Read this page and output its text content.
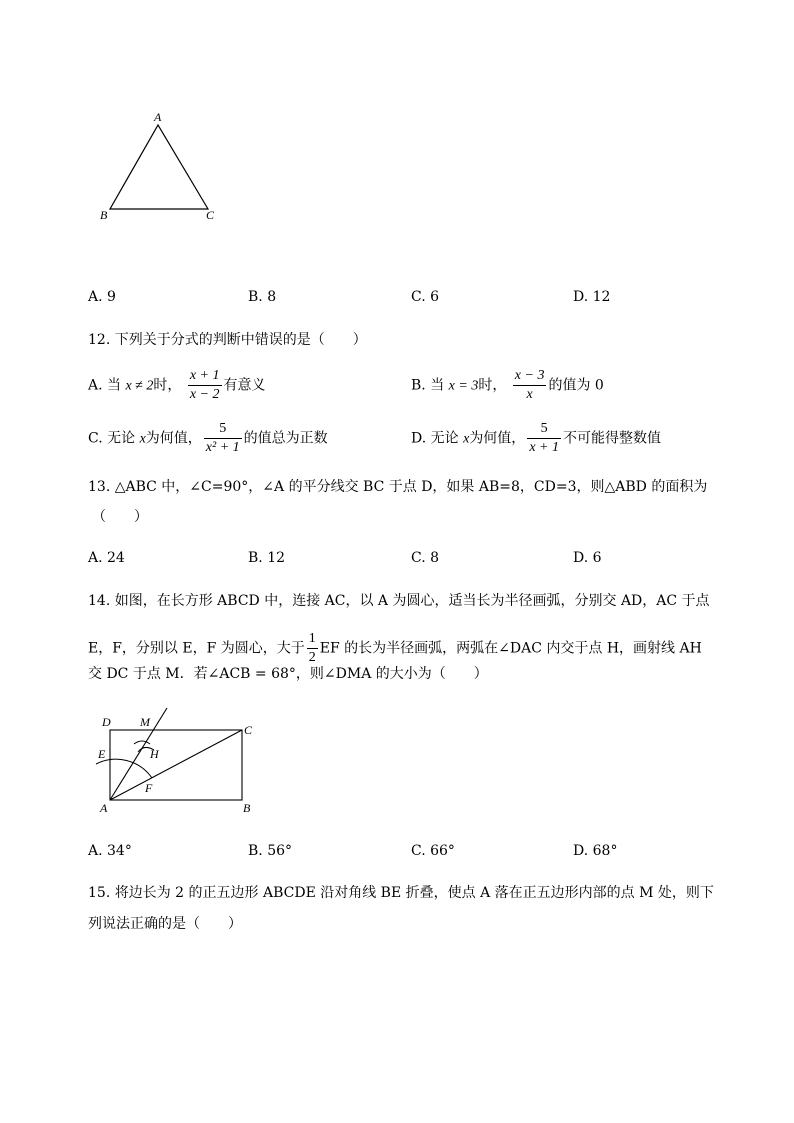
A
B	C
A. 9	B. 8	C. 6	D. 12
12. 下列关于分式的判断中错误的是（　　）
A. 当 x ≠ 2时， $\frac{x + 1}{x - 2}$ 有意义	B. 当 x = 3时， $\frac{x - 3}{x}$ 的值为 0
C. 无论 x为何值， $\frac{5}{\text{x² + 1}}$ 的值总为正数	D. 无论 x为何值， $\frac{5}{x + 1}$ 不可能得整数值
13. △ABC 中，∠C=90°，∠A 的平分线交 BC 于点 D，如果 AB=8，CD=3，则△ABD 的面积为
（　　）
A. 24	B. 12	C. 8	D. 6
14. 如图，在长方形 ABCD 中，连接 AC，以 A 为圆心，适当长为半径画弧，分别交 AD，AC 于点
E，F，分别以 E，F 为圆心，大于 $\frac{1}{2}$ EF 的长为半径画弧，两弧在∠DAC 内交于点 H，画射线 AH
交 DC 于点 M．若∠ACB = 68°，则∠DMA 的大小为（　　）
D M
C
E	H
F
A	B
A. 34°	B. 56°	C. 66°	D. 68°
15. 将边长为 2 的正五边形 ABCDE 沿对角线 BE 折叠，使点 A 落在正五边形内部的点 M 处，则下
列说法正确的是（　　）
